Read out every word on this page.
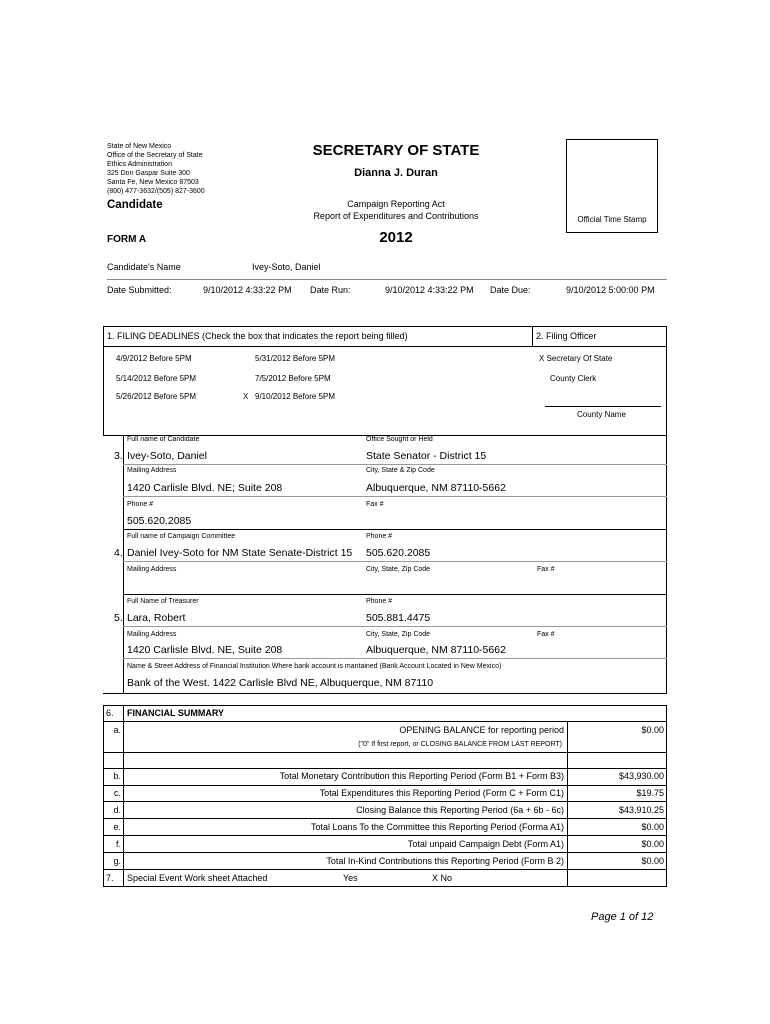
State of New Mexico
Office of the Secretary of State
Ethics Administration
325 Don Gaspar Suite 300
Santa Fe, New Mexico 87503
(800) 477-3632/(505) 827-3600
SECRETARY OF STATE
Dianna J. Duran
Candidate	Campaign Reporting Act
Report of Expenditures and Contributions
FORM A	2012
Official Time Stamp
Candidate's Name	Ivey-Soto, Daniel
Date Submitted:	9/10/2012 4:33:22 PM Date Run:	9/10/2012 4:33:22 PM Date Due:	9/10/2012 5:00:00 PM
1. FILING DEADLINES (Check the box that indicates the report being filled)	2. Filing Officer
4/9/2012 Before 5PM
5/14/2012 Before 5PM
5/26/2012 Before 5PM
5/31/2012 Before 5PM
7/5/2012 Before 5PM
X 9/10/2012 Before 5PM
X Secretary Of State
County Clerk
County Name
Full name of Candidate	Office Sought or Held
3. Ivey-Soto, Daniel	State Senator - District 15
Mailing Address	City, State & Zip Code
1420 Carlisle Blvd. NE; Suite 208	Albuquerque, NM 87110-5662
Phone #	Fax #
505.620.2085
Full name of Campaign Committee	Phone #
4. Daniel Ivey-Soto for NM State Senate-District 15 505.620.2085
Mailing Address	City, State, Zip Code	Fax #
Full Name of Treasurer	Phone #
5. Lara, Robert	505.881.4475
Mailing Address	City, State, Zip Code	Fax #
1420 Carlisle Blvd. NE, Suite 208	Albuquerque, NM 87110-5662
Name & Street Address of Financial Institution Where bank account is mantained (Bank Account Located in New Mexico)
Bank of the West. 1422 Carlisle Blvd NE, Albuquerque, NM 87110
6. FINANCIAL SUMMARY
a.	OPENING BALANCE for reporting period	$0.00
("0" If first report, or CLOSING BALANCE FROM LAST REPORT)
b.	Total Monetary Contribution this Reporting Period (Form B1 + Form B3)	$43,930.00
c.	Total Expenditures this Reporting Period (Form C + Form C1)	$19.75
d.	Closing Balance this Reporting Period (6a + 6b - 6c)	$43,910.25
e.	Total Loans To the Committee this Reporting Period (Forma A1)	$0.00
f.	Total unpaid Campaign Debt (Form A1)	$0.00
g.	Total In-Kind Contributions this Reporting Period (Form B 2)	$0.00
7. Special Event Work sheet Attached	Yes	X No
Page 1 of 12
